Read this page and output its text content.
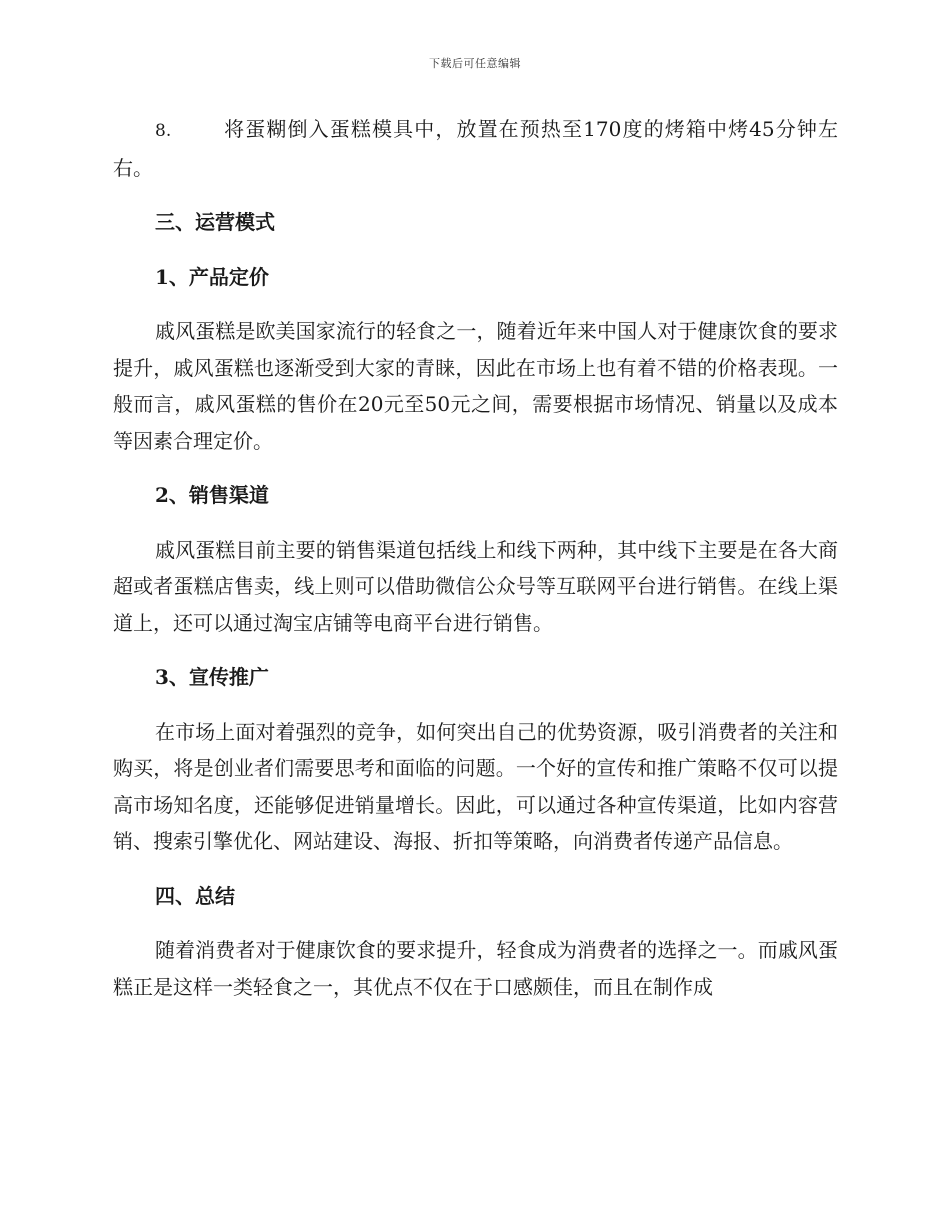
下载后可任意编辑

8.	将蛋糊倒入蛋糕模具中，放置在预热至170度的烤箱中烤45分钟左右。

三、运营模式
1、产品定价

戚风蛋糕是欧美国家流行的轻食之一，随着近年来中国人对于健康饮食的要求提升，戚风蛋糕也逐渐受到大家的青睐，因此在市场上也有着不错的价格表现。一般而言，戚风蛋糕的售价在20元至50元之间，需要根据市场情况、销量以及成本等因素合理定价。

2、销售渠道

戚风蛋糕目前主要的销售渠道包括线上和线下两种，其中线下主要是在各大商超或者蛋糕店售卖，线上则可以借助微信公众号等互联网平台进行销售。在线上渠道上，还可以通过淘宝店铺等电商平台进行销售。

3、宣传推广

在市场上面对着强烈的竞争，如何突出自己的优势资源，吸引消费者的关注和购买，将是创业者们需要思考和面临的问题。一个好的宣传和推广策略不仅可以提高市场知名度，还能够促进销量增长。因此，可以通过各种宣传渠道，比如内容营销、搜索引擎优化、网站建设、海报、折扣等策略，向消费者传递产品信息。

四、总结

随着消费者对于健康饮食的要求提升，轻食成为消费者的选择之一。而戚风蛋糕正是这样一类轻食之一，其优点不仅在于口感颇佳，而且在制作成
